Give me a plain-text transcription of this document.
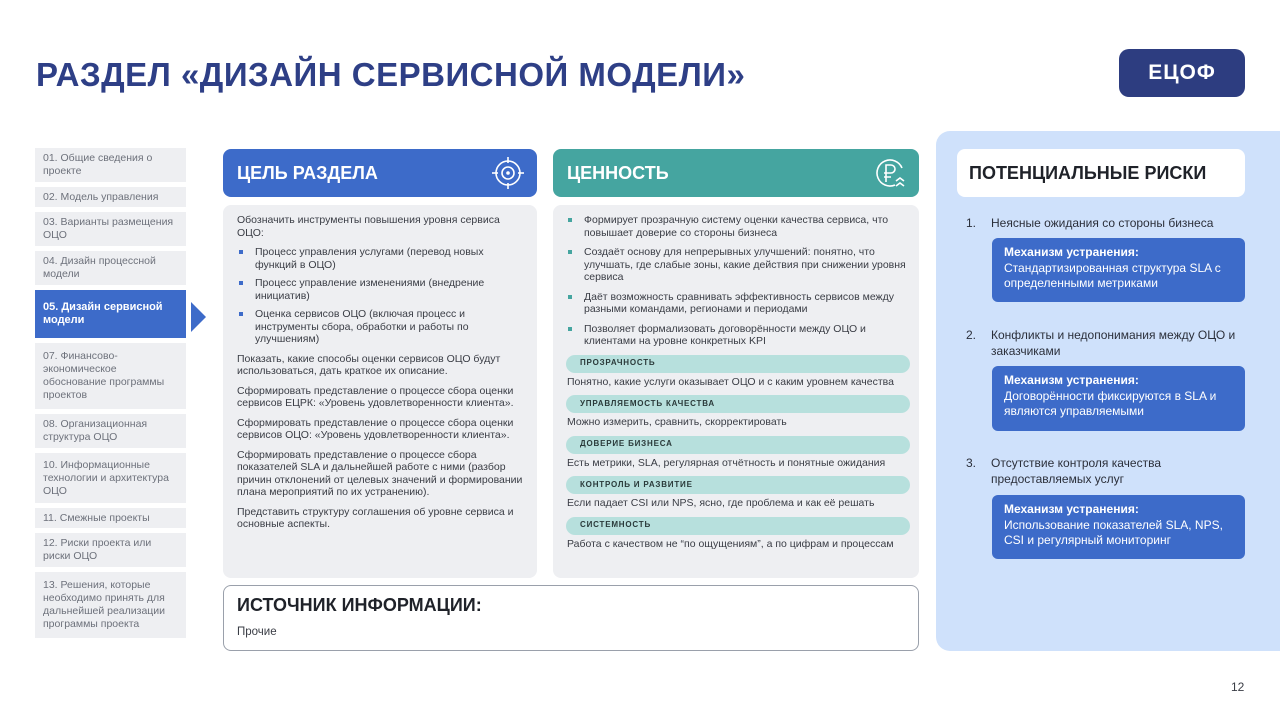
РАЗДЕЛ «ДИЗАЙН СЕРВИСНОЙ МОДЕЛИ»	ЕЦОФ
01. Общие сведения о проекте
02. Модель управления
03. Варианты размещения ОЦО
04. Дизайн процессной модели
05. Дизайн сервисной модели
07. Финансово-экономическое обоснование программы проектов
08. Организационная структура ОЦО
10. Информационные технологии и архитектура ОЦО
11. Смежные проекты
12. Риски проекта или риски ОЦО
13. Решения, которые необходимо принять для дальнейшей реализации программы проекта
ЦЕЛЬ РАЗДЕЛА

Обозначить инструменты повышения уровня сервиса ОЦО:

Процесс управления услугами (перевод новых функций в ОЦО)
Процесс управление изменениями (внедрение инициатив)
Оценка сервисов ОЦО (включая процесс и инструменты сбора, обработки и работы по улучшениям)

Показать, какие способы оценки сервисов ОЦО будут использоваться, дать краткое их описание.

Сформировать представление о процессе сбора оценки сервисов ЕЦРК: «Уровень удовлетворенности клиента».

Сформировать представление о процессе сбора оценки сервисов ОЦО: «Уровень удовлетворенности клиента».

Сформировать представление о процессе сбора показателей SLA и дальнейшей работе с ними (разбор причин отклонений от целевых значений и формировании плана мероприятий по их устранению).

Представить структуру соглашения об уровне сервиса и основные аспекты.

ЦЕННОСТЬ
Формирует прозрачную систему оценки качества сервиса, что повышает доверие со стороны бизнеса
Создаёт основу для непрерывных улучшений: понятно, что улучшать, где слабые зоны, какие действия при снижении уровня сервиса
Даёт возможность сравнивать эффективность сервисов между разными командами, регионами и периодами
Позволяет формализовать договорённости между ОЦО и клиентами на уровне конкретных KPI
ПРОЗРАЧНОСТЬ
Понятно, какие услуги оказывает ОЦО и с каким уровнем качества
УПРАВЛЯЕМОСТЬ КАЧЕСТВА
Можно измерить, сравнить, скорректировать
ДОВЕРИЕ БИЗНЕСА
Есть метрики, SLA, регулярная отчётность и понятные ожидания
КОНТРОЛЬ И РАЗВИТИЕ
Если падает CSI или NPS, ясно, где проблема и как её решать
СИСТЕМНОСТЬ
Работа с качеством не “по ощущениям”, а по цифрам и процессам
ИСТОЧНИК ИНФОРМАЦИИ:
Прочие
ПОТЕНЦИАЛЬНЫЕ РИСКИ
1.	Неясные ожидания со стороны бизнеса
Механизм устранения:
Стандартизированная структура SLA с определенными метриками
2.	Конфликты и недопонимания между ОЦО и заказчиками
Механизм устранения:
Договорённости фиксируются в SLA и являются управляемыми
3.	Отсутствие контроля качества предоставляемых услуг
Механизм устранения:
Использование показателей SLA, NPS, CSI и регулярный мониторинг
12
